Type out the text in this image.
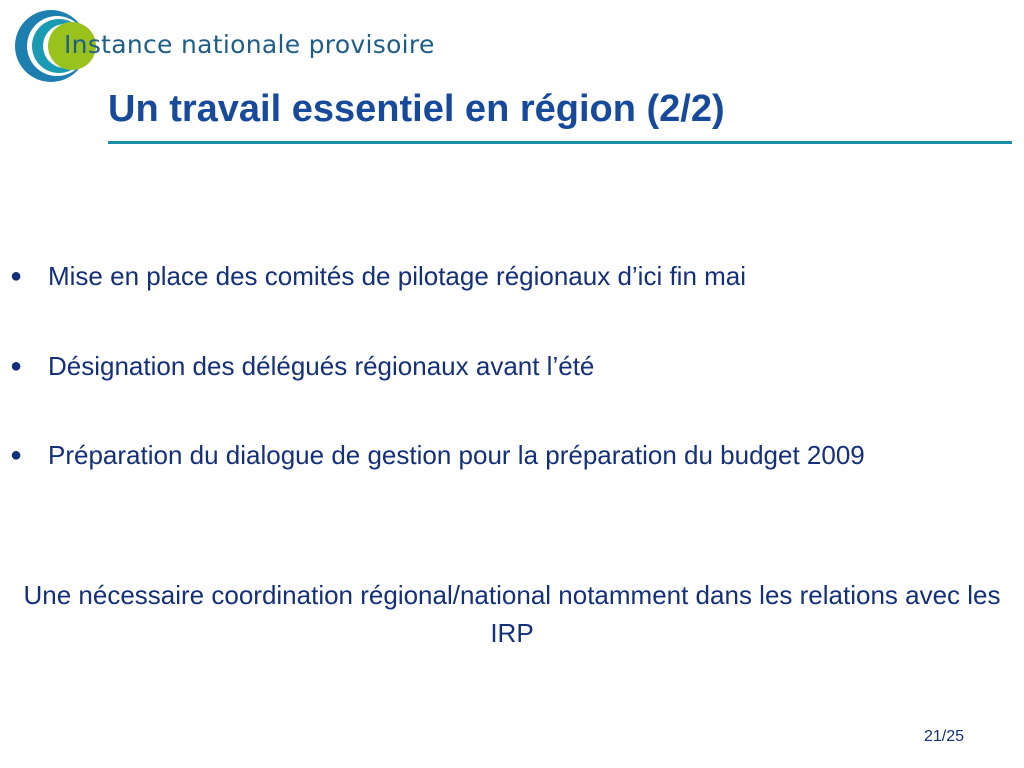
Instance nationale provisoire
Un travail essentiel en région (2/2)
● Mise en place des comités de pilotage régionaux d’ici fin mai
● Désignation des délégués régionaux avant l’été
● Préparation du dialogue de gestion pour la préparation du budget 2009
Une nécessaire coordination régional/national notamment dans les relations avec les IRP
21/25
